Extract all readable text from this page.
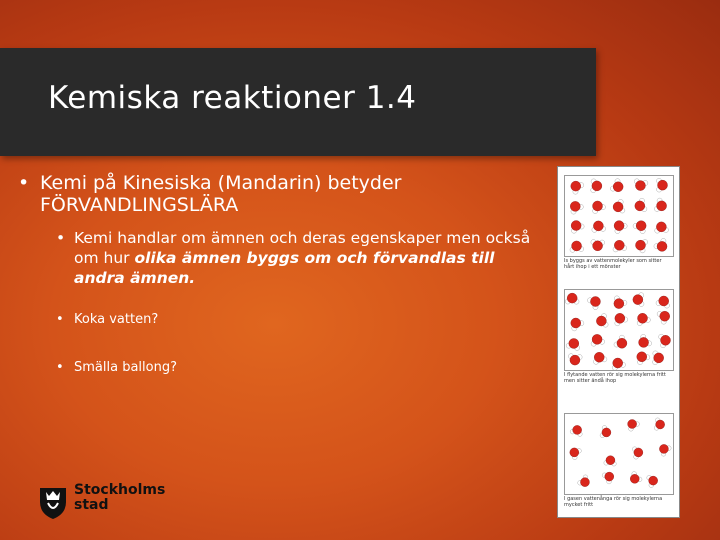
Kemiska reaktioner 1.4
• Kemi på Kinesiska (Mandarin) betyder FÖRVANDLINGSLÄRA
• Kemi handlar om ämnen och deras egenskaper men också om hur olika ämnen byggs om och förvandlas till andra ämnen.
• Koka vatten?
• Smälla ballong?
Is byggs av vattenmolekyler som sitter hårt ihop i ett mönster
I flytande vatten rör sig molekylerna fritt men sitter ändå ihop
I gasen vattenånga rör sig molekylerna mycket fritt
Stockholms
stad
